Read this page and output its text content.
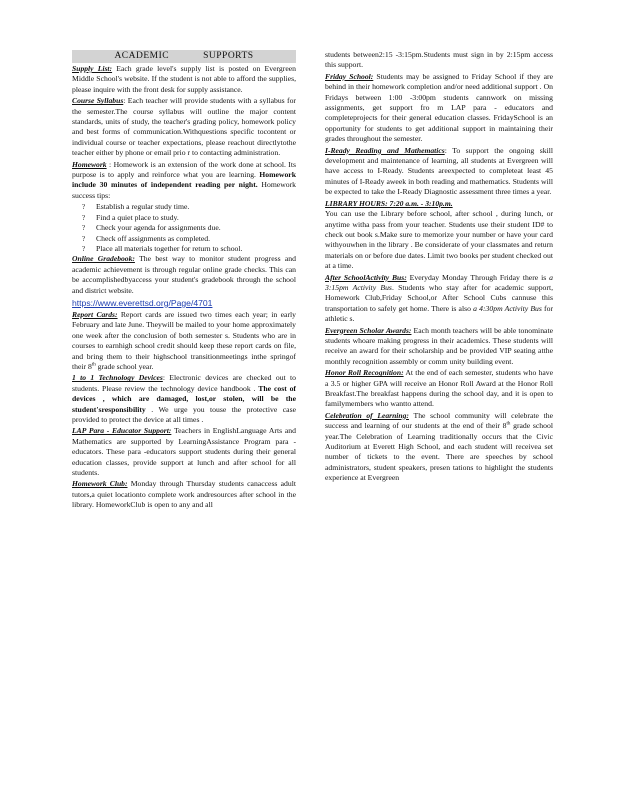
ACADEMIC	SUPPORTS

Supply List: Each grade level's supply list is posted on Evergreen Middle School's website. If the student is not able to afford the supplies, please inquire with the front desk for supply assistance.

Course Syllabus: Each teacher will provide students with a syllabus for the semester.The course syllabus will outline the major content standards, units of study, the teacher's grading policy, homework policy and best forms of communication.Withquestions specific tocontent or individual course or teacher expectations, please reachout directlytothe teacher either by phone or email prio r to contacting administration.

Homework : Homework is an extension of the work done at school. Its purpose is to apply and reinforce what you are learning. Homework include 30 minutes of independent reading per night. Homework success tips:

? Establish a regular study time.
? Find a quiet place to study.
? Check your agenda for assignments due.
? Check off assignments as completed.
? Place all materials together for return to school.

Online Gradebook: The best way to monitor student progress and academic achievement is through regular online grade checks. This can be accomplishedbyaccess your student's gradebook through the school and district website.

https://www.everettsd.org/Page/4701

Report Cards: Report cards are issued two times each year; in early February and late June. Theywill be mailed to your home approximately one week after the conclusion of both semester s. Students who are in courses to earnhigh school credit should keep these report cards on file, and bring them to their highschool transitionmeetings inthe springof their 8th grade school year.

1 to 1 Technology Devices: Electronic devices are checked out to students. Please review the technology device handbook . The cost of devices , which are damaged, lost,or stolen, will be the student'sresponsibility . We urge you touse the protective case provided to protect the device at all times .

LAP Para - Educator Support: Teachers in EnglishLanguage Arts and Mathematics are supported by LearningAssistance Program para - educators. These para -educators support students during their general education classes, provide support at lunch and after school for all students.

Homework Club: Monday through Thursday students canaccess adult tutors,a quiet locationto complete work andresources after school in the library. HomeworkClub is open to any and all

students between2:15 -3:15pm.Students must sign in by 2:15pm access this support.

Friday School: Students may be assigned to Friday School if they are behind in their homework completion and/or need additional support . On Fridays between 1:00 -3:00pm students cannwork on missing assignments, get support fro m LAP para - educators and completeprojects for their general education classes. FridaySchool is an opportunity for students to get additional support in maintaining their grades throughout the semester.

I-Ready Reading and Mathematics: To support the ongoing skill development and maintenance of learning, all students at Evergreen will have access to I-Ready. Students areexpected to completeat least 45 minutes of I-Ready aweek in both reading and mathematics. Students will be expected to take the I-Ready Diagnostic assessment three times a year.

LIBRARY HOURS: 7:20 a.m. - 3:10p.m.
You can use the Library before school, after school , during lunch, or anytime witha pass from your teacher. Students use their student ID# to check out book s.Make sure to memorize your number or have your card withyouwhen in the library . Be considerate of your classmates and return materials on or before due dates. Limit two books per student checked out at a time.

After SchoolActivity Bus: Everyday Monday Through Friday there is a 3:15pm Activity Bus. Students who stay after for academic support, Homework Club,Friday School,or After School Cubs cannuse this transportation to safely get home. There is also a 4:30pm Activity Bus for athletic s.

Evergreen Scholar Awards: Each month teachers will be able tonominate students whoare making progress in their academics. These students will receive an award for their scholarship and be provided VIP seating atthe monthly recognition assembly or comm unity building event.

Honor Roll Recognition: At the end of each semester, students who have a 3.5 or higher GPA will receive an Honor Roll Award at the Honor Roll Breakfast.The breakfast happens during the school day, and it is open to familymembers who wantto attend.

Celebration of Learning: The school community will celebrate the success and learning of our students at the end of their 8th grade school year.The Celebration of Learning traditionally occurs that the Civic Auditorium at Everett High School, and each student will receivea set number of tickets to the event. There are speeches by school administrators, student speakers, presen tations to highlight the students experience at Evergreen
